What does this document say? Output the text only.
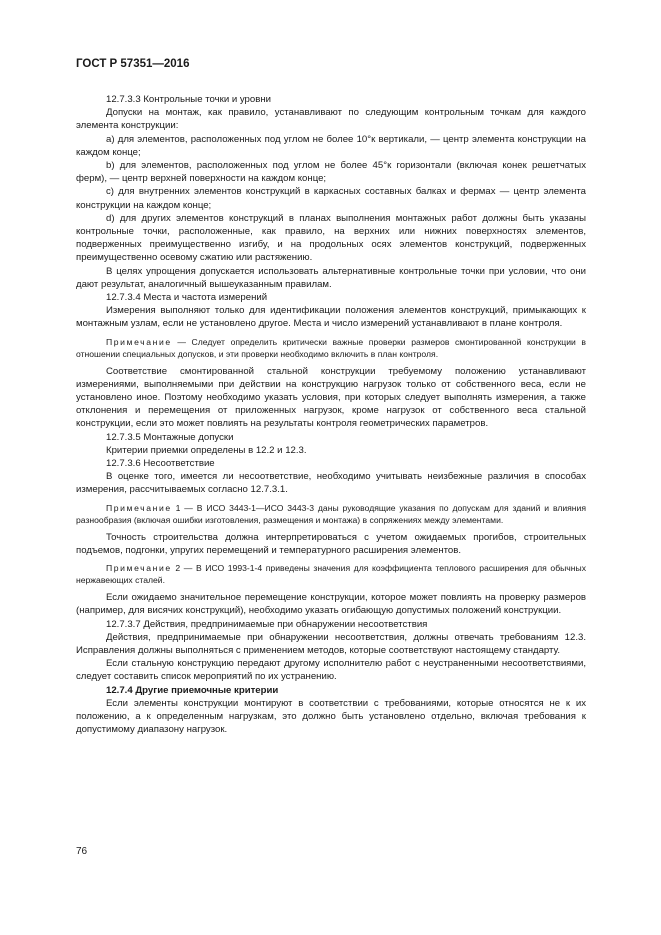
ГОСТ Р 57351—2016

12.7.3.3 Контрольные точки и уровни

Допуски на монтаж, как правило, устанавливают по следующим контрольным точкам для каждого элемента конструкции:

a) для элементов, расположенных под углом не более 10°к вертикали, — центр элемента конструкции на каждом конце;

b) для элементов, расположенных под углом не более 45°к горизонтали (включая конек решетчатых ферм), — центр верхней поверхности на каждом конце;

c) для внутренних элементов конструкций в каркасных составных балках и фермах — центр элемента конструкции на каждом конце;

d) для других элементов конструкций в планах выполнения монтажных работ должны быть указаны контрольные точки, расположенные, как правило, на верхних или нижних поверхностях элементов, подверженных преимущественно изгибу, и на продольных осях элементов конструкций, подверженных преимущественно осевому сжатию или растяжению.

В целях упрощения допускается использовать альтернативные контрольные точки при условии, что они дают результат, аналогичный вышеуказанным правилам.

12.7.3.4 Места и частота измерений

Измерения выполняют только для идентификации положения элементов конструкций, примыкающих к монтажным узлам, если не установлено другое. Места и число измерений устанавливают в плане контроля.

Примечание — Следует определить критически важные проверки размеров смонтированной конструкции в отношении специальных допусков, и эти проверки необходимо включить в план контроля.

Соответствие смонтированной стальной конструкции требуемому положению устанавливают измерениями, выполняемыми при действии на конструкцию нагрузок только от собственного веса, если не установлено иное. Поэтому необходимо указать условия, при которых следует выполнять измерения, а также отклонения и перемещения от приложенных нагрузок, кроме нагрузок от собственного веса стальной конструкции, если это может повлиять на результаты контроля геометрических параметров.

12.7.3.5 Монтажные допуски

Критерии приемки определены в 12.2 и 12.3.

12.7.3.6 Несоответствие

В оценке того, имеется ли несоответствие, необходимо учитывать неизбежные различия в способах измерения, рассчитываемых согласно 12.7.3.1.

Примечание 1 — В ИСО 3443-1—ИСО 3443-3 даны руководящие указания по допускам для зданий и влияния разнообразия (включая ошибки изготовления, размещения и монтажа) в сопряжениях между элементами.

Точность строительства должна интерпретироваться с учетом ожидаемых прогибов, строительных подъемов, подгонки, упругих перемещений и температурного расширения элементов.

Примечание 2 — В ИСО 1993-1-4 приведены значения для коэффициента теплового расширения для обычных нержавеющих сталей.

Если ожидаемо значительное перемещение конструкции, которое может повлиять на проверку размеров (например, для висячих конструкций), необходимо указать огибающую допустимых положений конструкции.

12.7.3.7 Действия, предпринимаемые при обнаружении несоответствия

Действия, предпринимаемые при обнаружении несоответствия, должны отвечать требованиям 12.3. Исправления должны выполняться с применением методов, которые соответствуют настоящему стандарту.

Если стальную конструкцию передают другому исполнителю работ с неустраненными несоответствиями, следует составить список мероприятий по их устранению.

12.7.4 Другие приемочные критерии

Если элементы конструкции монтируют в соответствии с требованиями, которые относятся не к их положению, а к определенным нагрузкам, это должно быть установлено отдельно, включая требования к допустимому диапазону нагрузок.

76
